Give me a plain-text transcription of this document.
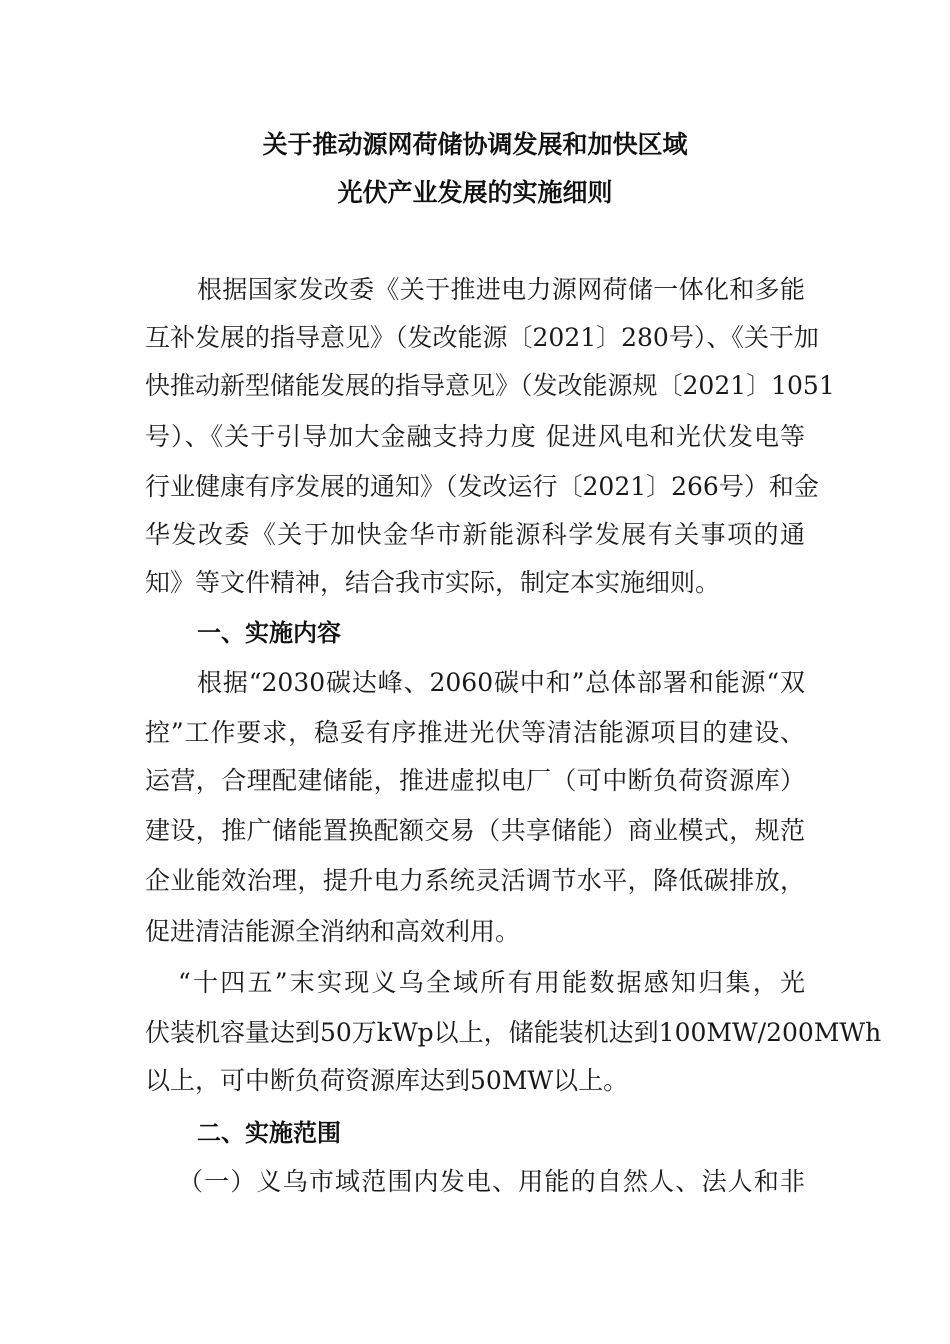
关于推动源网荷储协调发展和加快区域
光伏产业发展的实施细则
根据国家发改委《关于推进电力源网荷储一体化和多能
互补发展的指导意见》（发改能源〔2021〕280号）、《关于加
快推动新型储能发展的指导意见》（发改能源规〔2021〕1051
号）、《关于引导加大金融支持力度 促进风电和光伏发电等
行业健康有序发展的通知》（发改运行〔2021〕266号）和金
华发改委《关于加快金华市新能源科学发展有关事项的通
知》等文件精神，结合我市实际，制定本实施细则。
一、实施内容
根据“2030碳达峰、2060碳中和”总体部署和能源“双
控”工作要求，稳妥有序推进光伏等清洁能源项目的建设、
运营，合理配建储能，推进虚拟电厂（可中断负荷资源库）
建设，推广储能置换配额交易（共享储能）商业模式，规范
企业能效治理，提升电力系统灵活调节水平，降低碳排放，
促进清洁能源全消纳和高效利用。
“十四五”末实现义乌全域所有用能数据感知归集，光
伏装机容量达到50万kWp以上，储能装机达到100MW/200MWh
以上，可中断负荷资源库达到50MW以上。
二、实施范围
（一）义乌市域范围内发电、用能的自然人、法人和非
